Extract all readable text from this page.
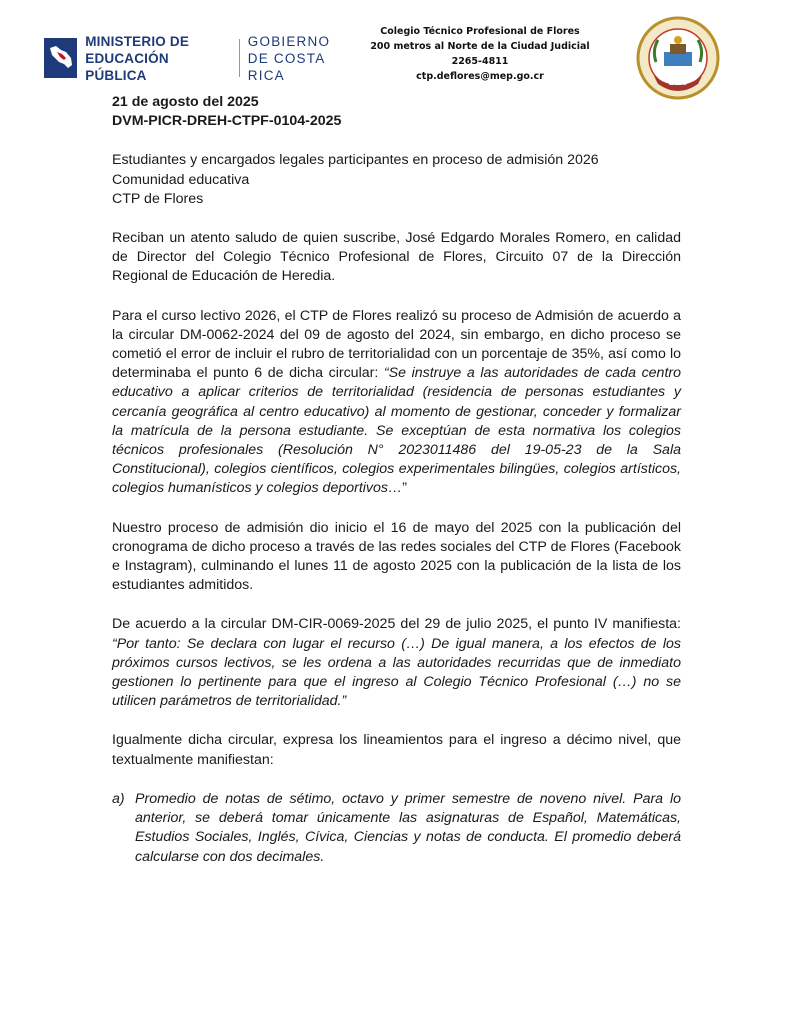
MINISTERIO DE
EDUCACIÓN PÚBLICA
GOBIERNO
DE COSTA RICA
Colegio Técnico Profesional de Flores
200 metros al Norte de la Ciudad Judicial
2265-4811
ctp.deflores@mep.go.cr
2000

21 de agosto del 2025

DVM-PICR-DREH-CTPF-0104-2025

Estudiantes y encargados legales participantes en proceso de admisión 2026

Comunidad educativa

CTP de Flores

Reciban un atento saludo de quien suscribe, José Edgardo Morales Romero, en calidad de Director del Colegio Técnico Profesional de Flores, Circuito 07 de la Dirección Regional de Educación de Heredia.

Para el curso lectivo 2026, el CTP de Flores realizó su proceso de Admisión de acuerdo a la circular DM-0062-2024 del 09 de agosto del 2024, sin embargo, en dicho proceso se cometió el error de incluir el rubro de territorialidad con un porcentaje de 35%, así como lo determinaba el punto 6 de dicha circular: “Se instruye a las autoridades de cada centro educativo a aplicar criterios de territorialidad (residencia de personas estudiantes y cercanía geográfica al centro educativo) al momento de gestionar, conceder y formalizar la matrícula de la persona estudiante. Se exceptúan de esta normativa los colegios técnicos profesionales (Resolución N° 2023011486 del 19-05-23 de la Sala Constitucional), colegios científicos, colegios experimentales bilingües, colegios artísticos, colegios humanísticos y colegios deportivos…”

Nuestro proceso de admisión dio inicio el 16 de mayo del 2025 con la publicación del cronograma de dicho proceso a través de las redes sociales del CTP de Flores (Facebook e Instagram), culminando el lunes 11 de agosto 2025 con la publicación de la lista de los estudiantes admitidos.

De acuerdo a la circular DM-CIR-0069-2025 del 29 de julio 2025, el punto IV manifiesta: “Por tanto: Se declara con lugar el recurso (…) De igual manera, a los efectos de los próximos cursos lectivos, se les ordena a las autoridades recurridas que de inmediato gestionen lo pertinente para que el ingreso al Colegio Técnico Profesional (…) no se utilicen parámetros de territorialidad.”

Igualmente dicha circular, expresa los lineamientos para el ingreso a décimo nivel, que textualmente manifiestan:

a) Promedio de notas de sétimo, octavo y primer semestre de noveno nivel. Para lo anterior, se deberá tomar únicamente las asignaturas de Español, Matemáticas, Estudios Sociales, Inglés, Cívica, Ciencias y notas de conducta. El promedio deberá calcularse con dos decimales.
